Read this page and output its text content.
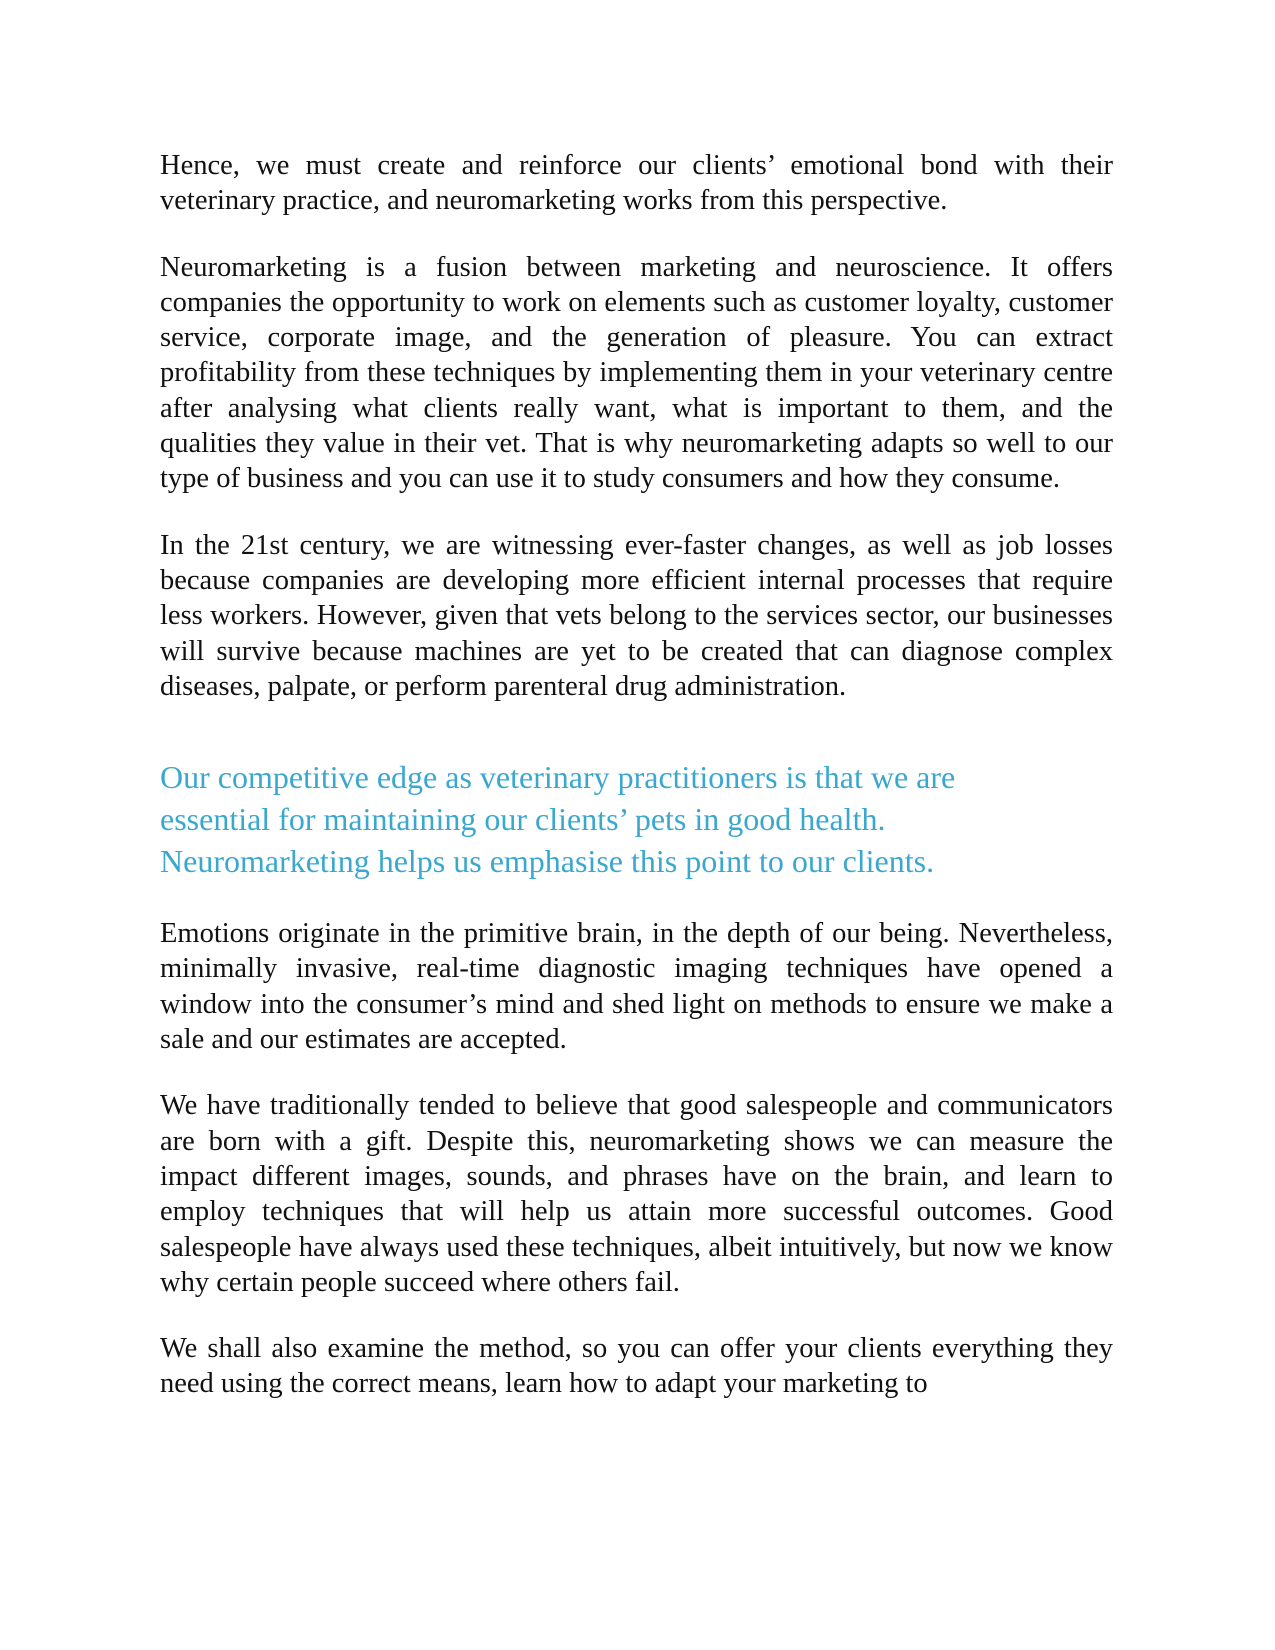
Hence, we must create and reinforce our clients’ emotional bond with their veterinary practice, and neuromarketing works from this perspective.

Neuromarketing is a fusion between marketing and neuroscience. It offers companies the opportunity to work on elements such as customer loyalty, customer service, corporate image, and the generation of pleasure. You can extract profitability from these techniques by implementing them in your veterinary centre after analysing what clients really want, what is important to them, and the qualities they value in their vet. That is why neuromarketing adapts so well to our type of business and you can use it to study consumers and how they consume.

In the 21st century, we are witnessing ever-faster changes, as well as job losses because companies are developing more efficient internal processes that require less workers. However, given that vets belong to the services sector, our businesses will survive because machines are yet to be created that can diagnose complex diseases, palpate, or perform parenteral drug administration.

Our competitive edge as veterinary practitioners is that we are
essential for maintaining our clients’ pets in good health.
Neuromarketing helps us emphasise this point to our clients.

Emotions originate in the primitive brain, in the depth of our being. Nevertheless, minimally invasive, real-time diagnostic imaging techniques have opened a window into the consumer’s mind and shed light on methods to ensure we make a sale and our estimates are accepted.

We have traditionally tended to believe that good salespeople and communicators are born with a gift. Despite this, neuromarketing shows we can measure the impact different images, sounds, and phrases have on the brain, and learn to employ techniques that will help us attain more successful outcomes. Good salespeople have always used these techniques, albeit intuitively, but now we know why certain people succeed where others fail.

We shall also examine the method, so you can offer your clients everything they need using the correct means, learn how to adapt your marketing to
